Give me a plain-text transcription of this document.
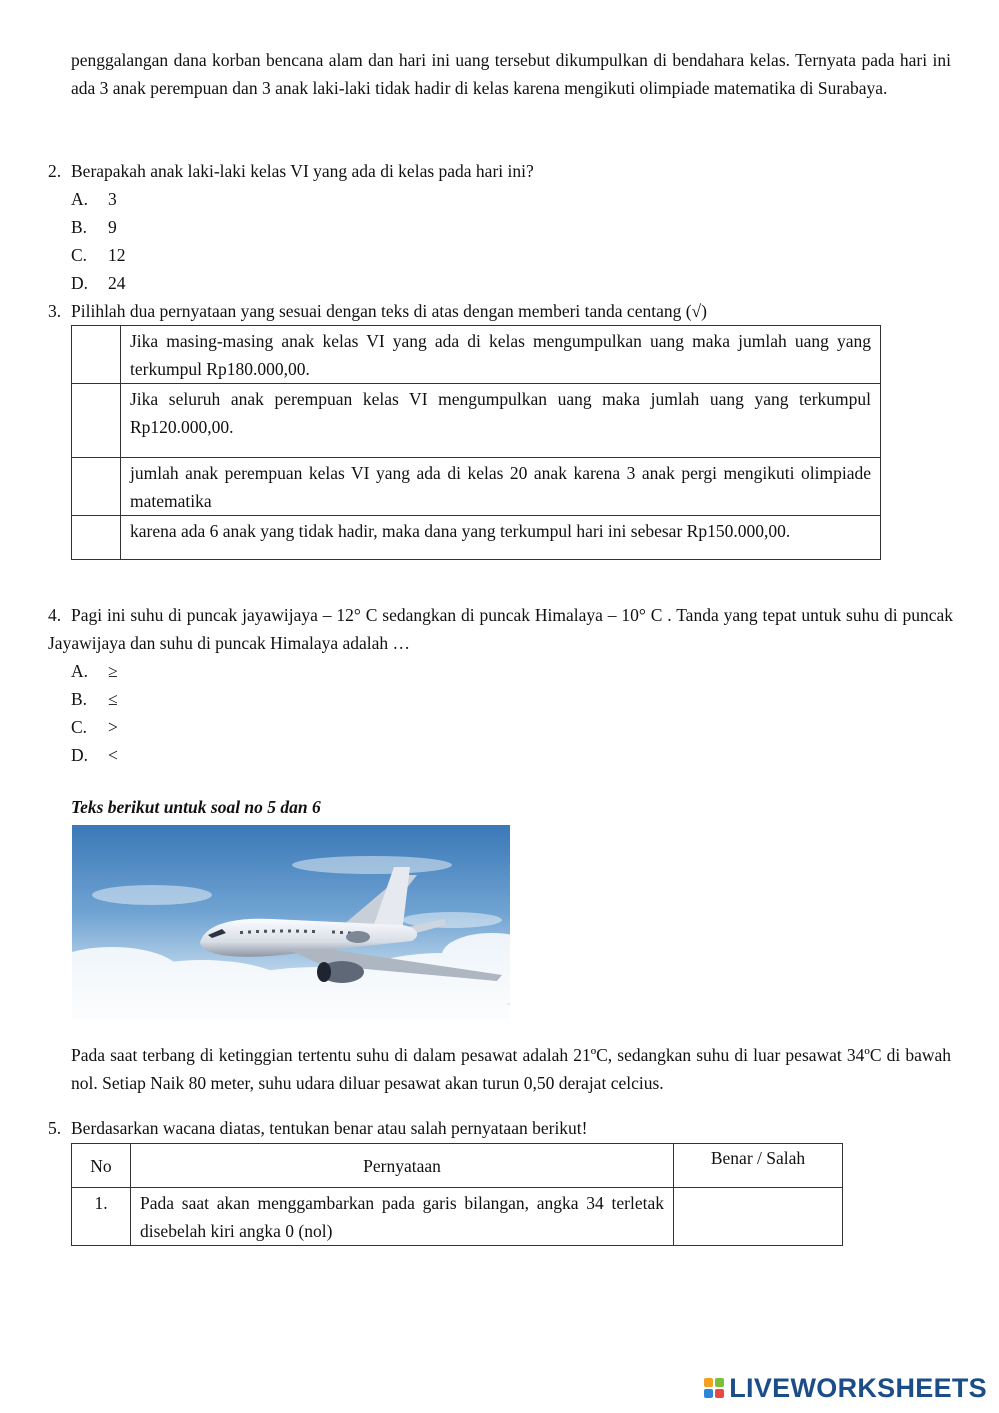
penggalangan dana korban bencana alam dan hari ini uang tersebut dikumpulkan di bendahara kelas. Ternyata pada hari ini ada 3 anak perempuan dan 3 anak laki-laki tidak hadir di kelas karena mengikuti olimpiade matematika di Surabaya.
2. Berapakah anak laki-laki kelas VI yang ada di kelas pada hari ini?
A. 3
B. 9
C. 12
D. 24
3. Pilihlah dua pernyataan yang sesuai dengan teks di atas dengan memberi tanda centang (√)
	Jika masing-masing anak kelas VI yang ada di kelas mengumpulkan uang maka jumlah uang yang terkumpul Rp180.000,00.
	Jika seluruh anak perempuan kelas VI mengumpulkan uang maka jumlah uang yang terkumpul Rp120.000,00.
	jumlah anak perempuan kelas VI yang ada di kelas 20 anak karena 3 anak pergi mengikuti olimpiade matematika
	karena ada 6 anak yang tidak hadir, maka dana yang terkumpul hari ini sebesar Rp150.000,00.
4. Pagi ini suhu di puncak jayawijaya – 12° C sedangkan di puncak Himalaya – 10° C . Tanda yang tepat untuk suhu di puncak Jayawijaya dan suhu di puncak Himalaya adalah …
A. ≥
B. ≤
C. >
D. <
Teks berikut untuk soal no 5 dan 6
Pada saat terbang di ketinggian tertentu suhu di dalam pesawat adalah 21ºC, sedangkan suhu di luar pesawat 34ºC di bawah nol. Setiap Naik 80 meter, suhu udara diluar pesawat akan turun 0,50 derajat celcius.
5. Berdasarkan wacana diatas, tentukan benar atau salah pernyataan berikut!
No	Pernyataan	Benar / Salah
1.	Pada saat akan menggambarkan pada garis bilangan, angka 34 terletak disebelah kiri angka 0 (nol)	
LIVEWORKSHEETS
